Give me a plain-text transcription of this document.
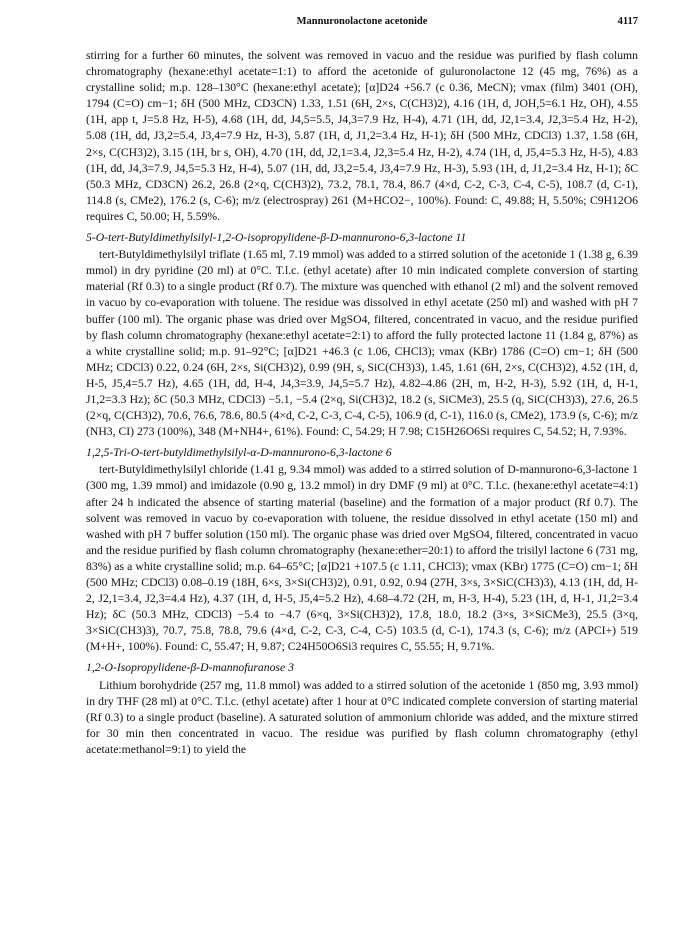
Mannuronolactone acetonide	4117

stirring for a further 60 minutes, the solvent was removed in vacuo and the residue was purified by flash column chromatography (hexane:ethyl acetate=1:1) to afford the acetonide of guluronolactone 12 (45 mg, 76%) as a crystalline solid; m.p. 128–130°C (hexane:ethyl acetate); [α]D24 +56.7 (c 0.36, MeCN); νmax (film) 3401 (OH), 1794 (C=O) cm−1; δH (500 MHz, CD3CN) 1.33, 1.51 (6H, 2×s, C(CH3)2), 4.16 (1H, d, JOH,5=6.1 Hz, OH), 4.55 (1H, app t, J=5.8 Hz, H-5), 4.68 (1H, dd, J4,5=5.5, J4,3=7.9 Hz, H-4), 4.71 (1H, dd, J2,1=3.4, J2,3=5.4 Hz, H-2), 5.08 (1H, dd, J3,2=5.4, J3,4=7.9 Hz, H-3), 5.87 (1H, d, J1,2=3.4 Hz, H-1); δH (500 MHz, CDCl3) 1.37, 1.58 (6H, 2×s, C(CH3)2), 3.15 (1H, br s, OH), 4.70 (1H, dd, J2,1=3.4, J2,3=5.4 Hz, H-2), 4.74 (1H, d, J5,4=5.3 Hz, H-5), 4.83 (1H, dd, J4,3=7.9, J4,5=5.3 Hz, H-4), 5.07 (1H, dd, J3,2=5.4, J3,4=7.9 Hz, H-3), 5.93 (1H, d, J1,2=3.4 Hz, H-1); δC (50.3 MHz, CD3CN) 26.2, 26.8 (2×q, C(CH3)2), 73.2, 78.1, 78.4, 86.7 (4×d, C-2, C-3, C-4, C-5), 108.7 (d, C-1), 114.8 (s, CMe2), 176.2 (s, C-6); m/z (electrospray) 261 (M+HCO2−, 100%). Found: C, 49.88; H, 5.50%; C9H12O6 requires C, 50.00; H, 5.59%.

5-O-tert-Butyldimethylsilyl-1,2-O-isopropylidene-β-D-mannurono-6,3-lactone 11

tert-Butyldimethylsilyl triflate (1.65 ml, 7.19 mmol) was added to a stirred solution of the acetonide 1 (1.38 g, 6.39 mmol) in dry pyridine (20 ml) at 0°C. T.l.c. (ethyl acetate) after 10 min indicated complete conversion of starting material (Rf 0.3) to a single product (Rf 0.7). The mixture was quenched with ethanol (2 ml) and the solvent removed in vacuo by co-evaporation with toluene. The residue was dissolved in ethyl acetate (250 ml) and washed with pH 7 buffer (100 ml). The organic phase was dried over MgSO4, filtered, concentrated in vacuo, and the residue purified by flash column chromatography (hexane:ethyl acetate=2:1) to afford the fully protected lactone 11 (1.84 g, 87%) as a white crystalline solid; m.p. 91–92°C; [α]D21 +46.3 (c 1.06, CHCl3); νmax (KBr) 1786 (C=O) cm−1; δH (500 MHz; CDCl3) 0.22, 0.24 (6H, 2×s, Si(CH3)2), 0.99 (9H, s, SiC(CH3)3), 1.45, 1.61 (6H, 2×s, C(CH3)2), 4.52 (1H, d, H-5, J5,4=5.7 Hz), 4.65 (1H, dd, H-4, J4,3=3.9, J4,5=5.7 Hz), 4.82–4.86 (2H, m, H-2, H-3), 5.92 (1H, d, H-1, J1,2=3.3 Hz); δC (50.3 MHz, CDCl3) −5.1, −5.4 (2×q, Si(CH3)2, 18.2 (s, SiCMe3), 25.5 (q, SiC(CH3)3), 27.6, 26.5 (2×q, C(CH3)2), 70.6, 76.6, 78.6, 80.5 (4×d, C-2, C-3, C-4, C-5), 106.9 (d, C-1), 116.0 (s, CMe2), 173.9 (s, C-6); m/z (NH3, CI) 273 (100%), 348 (M+NH4+, 61%). Found: C, 54.29; H 7.98; C15H26O6Si requires C, 54.52; H, 7.93%.

1,2,5-Tri-O-tert-butyldimethylsilyl-α-D-mannurono-6,3-lactone 6

tert-Butyldimethylsilyl chloride (1.41 g, 9.34 mmol) was added to a stirred solution of D-mannurono-6,3-lactone 1 (300 mg, 1.39 mmol) and imidazole (0.90 g, 13.2 mmol) in dry DMF (9 ml) at 0°C. T.l.c. (hexane:ethyl acetate=4:1) after 24 h indicated the absence of starting material (baseline) and the formation of a major product (Rf 0.7). The solvent was removed in vacuo by co-evaporation with toluene, the residue dissolved in ethyl acetate (150 ml) and washed with pH 7 buffer solution (150 ml). The organic phase was dried over MgSO4, filtered, concentrated in vacuo and the residue purified by flash column chromatography (hexane:ether=20:1) to afford the trisilyl lactone 6 (731 mg, 83%) as a white crystalline solid; m.p. 64–65°C; [α]D21 +107.5 (c 1.11, CHCl3); νmax (KBr) 1775 (C=O) cm−1; δH (500 MHz; CDCl3) 0.08–0.19 (18H, 6×s, 3×Si(CH3)2), 0.91, 0.92, 0.94 (27H, 3×s, 3×SiC(CH3)3), 4.13 (1H, dd, H-2, J2,1=3.4, J2,3=4.4 Hz), 4.37 (1H, d, H-5, J5,4=5.2 Hz), 4.68–4.72 (2H, m, H-3, H-4), 5.23 (1H, d, H-1, J1,2=3.4 Hz); δC (50.3 MHz, CDCl3) −5.4 to −4.7 (6×q, 3×Si(CH3)2), 17.8, 18.0, 18.2 (3×s, 3×SiCMe3), 25.5 (3×q, 3×SiC(CH3)3), 70.7, 75.8, 78.8, 79.6 (4×d, C-2, C-3, C-4, C-5) 103.5 (d, C-1), 174.3 (s, C-6); m/z (APCI+) 519 (M+H+, 100%). Found: C, 55.47; H, 9.87; C24H50O6Si3 requires C, 55.55; H, 9.71%.

1,2-O-Isopropylidene-β-D-mannofuranose 3

Lithium borohydride (257 mg, 11.8 mmol) was added to a stirred solution of the acetonide 1 (850 mg, 3.93 mmol) in dry THF (28 ml) at 0°C. T.l.c. (ethyl acetate) after 1 hour at 0°C indicated complete conversion of starting material (Rf 0.3) to a single product (baseline). A saturated solution of ammonium chloride was added, and the mixture stirred for 30 min then concentrated in vacuo. The residue was purified by flash column chromatography (ethyl acetate:methanol=9:1) to yield the
